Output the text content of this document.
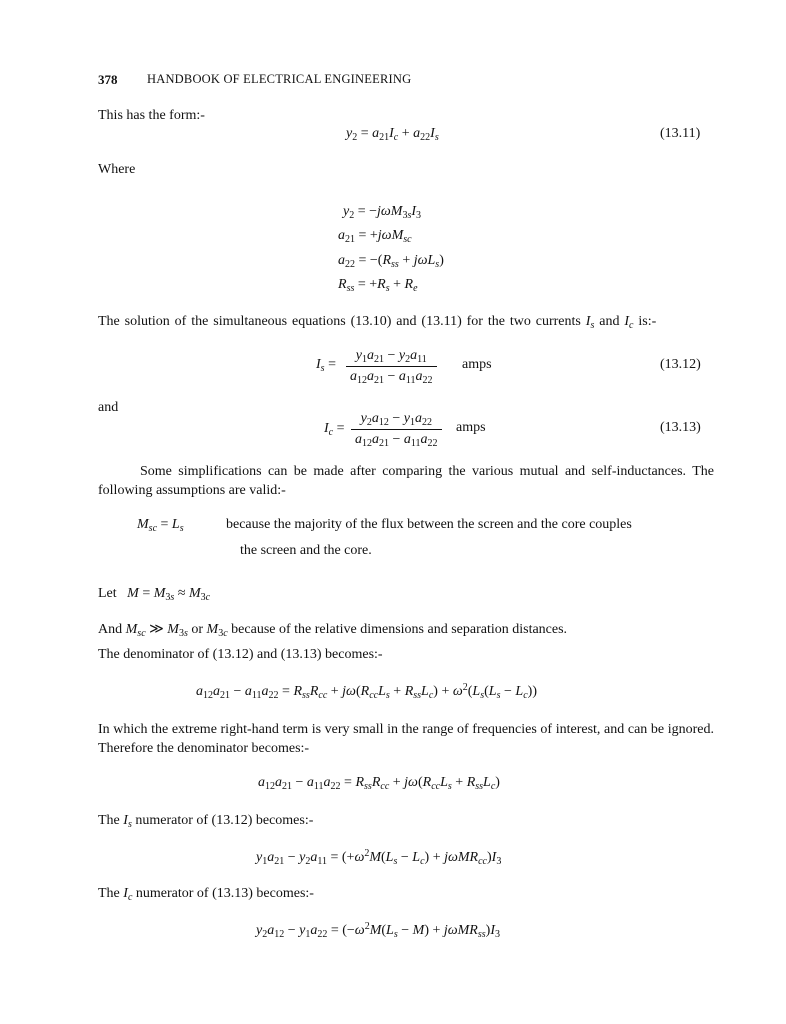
378 HANDBOOK OF ELECTRICAL ENGINEERING
This has the form:-
$y_2 = a_{21}I_c + a_{22}I_s$	(13.11)
Where
$y_2 = -j\omega M_{3s}I_3$
$a_{21} = +j\omega M_{sc}$
$a_{22} = -(R_{ss} + j\omega L_s)$
$R_{ss} = +R_s + R_e$
The solution of the simultaneous equations (13.10) and (13.11) for the two currents $I_s$ and $I_c$ is:-
$I_s = \frac{y_1a_{21} - y_2a_{11}}{a_{12}a_{21} - a_{11}a_{22}}$ amps	(13.12)
and
$I_c = \frac{y_2a_{12} - y_1a_{22}}{a_{12}a_{21} - a_{11}a_{22}}$ amps	(13.13)
Some simplifications can be made after comparing the various mutual and self-inductances. The following assumptions are valid:-
$M_{sc} = L_s$	because the majority of the flux between the screen and the core couples
the screen and the core.
Let $M = M_{3s} \approx M_{3c}$
And $M_{sc}$ ≫ $M_{3s}$ or $M_{3c}$ because of the relative dimensions and separation distances.
The denominator of (13.12) and (13.13) becomes:-
$a_{12}a_{21} - a_{11}a_{22} = R_{ss}R_{cc} + j\omega(R_{cc}L_s + R_{ss}L_c) + \omega^2(L_s(L_s - L_c))$
In which the extreme right-hand term is very small in the range of frequencies of interest, and can be ignored. Therefore the denominator becomes:-
$a_{12}a_{21} - a_{11}a_{22} = R_{ss}R_{cc} + j\omega(R_{cc}L_s + R_{ss}L_c)$
The $I_s$ numerator of (13.12) becomes:-
$y_1a_{21} - y_2a_{11} = (+\omega^2M(L_s - L_c) + j\omega MR_{cc})I_3$
The $I_c$ numerator of (13.13) becomes:-
$y_2a_{12} - y_1a_{22} = (-\omega^2M(L_s - M) + j\omega MR_{ss})I_3$
